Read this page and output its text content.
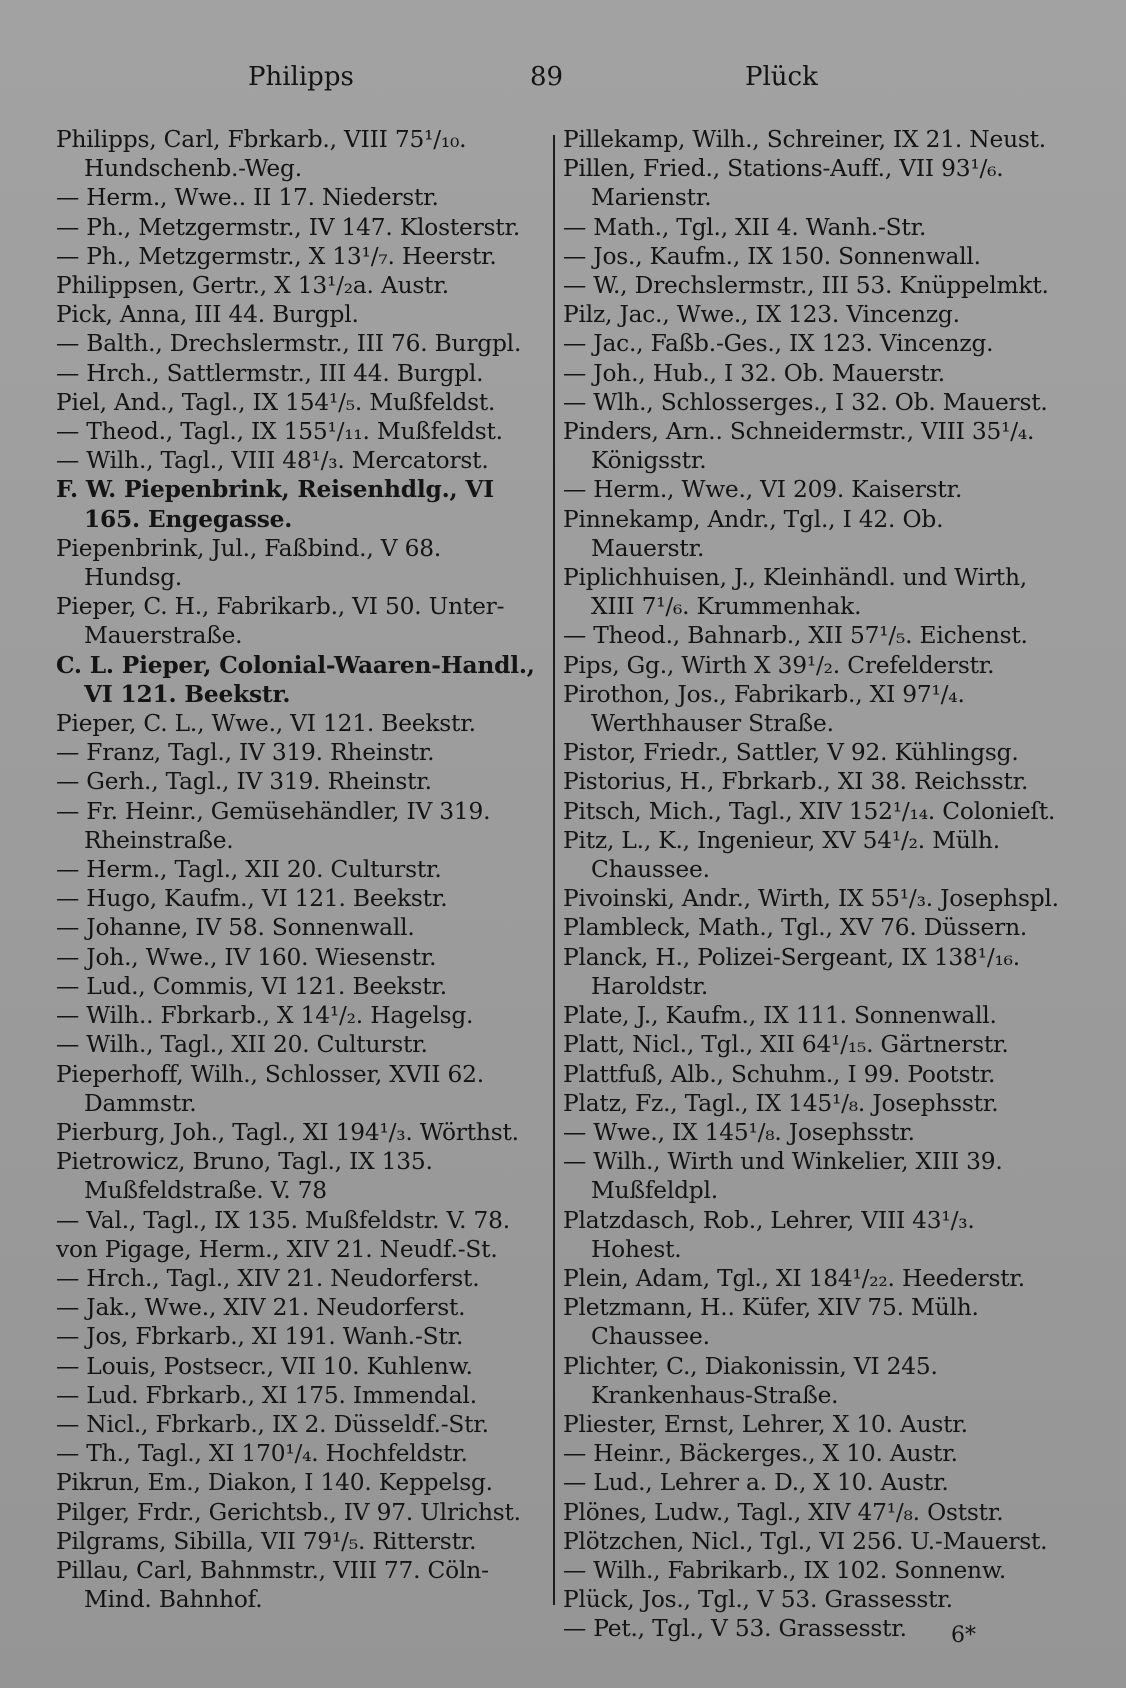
Philipps	89	Plück

Philipps, Carl, Fbrkarb., VIII 75¹/₁₀. Hundschenb.-Weg.

— Herm., Wwe.. II 17. Niederstr.

— Ph., Metzgermstr., IV 147. Klosterstr.

— Ph., Metzgermstr., X 13¹/₇. Heerstr.

Philippsen, Gertr., X 13¹/₂a. Austr.

Pick, Anna, III 44. Burgpl.

— Balth., Drechslermstr., III 76. Burgpl.

— Hrch., Sattlermstr., III 44. Burgpl.

Piel, And., Tagl., IX 154¹/₅. Mußfeldst.

— Theod., Tagl., IX 155¹/₁₁. Mußfeldst.

— Wilh., Tagl., VIII 48¹/₃. Mercatorst.

F. W. Piepenbrink, Reisenhdlg., VI 165. Engegasse.

Piepenbrink, Jul., Faßbind., V 68. Hundsg.

Pieper, C. H., Fabrikarb., VI 50. Unter-Mauerstraße.

C. L. Pieper, Colonial-Waaren-Handl., VI 121. Beekstr.

Pieper, C. L., Wwe., VI 121. Beekstr.

— Franz, Tagl., IV 319. Rheinstr.

— Gerh., Tagl., IV 319. Rheinstr.

— Fr. Heinr., Gemüsehändler, IV 319. Rheinstraße.

— Herm., Tagl., XII 20. Culturstr.

— Hugo, Kaufm., VI 121. Beekstr.

— Johanne, IV 58. Sonnenwall.

— Joh., Wwe., IV 160. Wiesenstr.

— Lud., Commis, VI 121. Beekstr.

— Wilh.. Fbrkarb., X 14¹/₂. Hagelsg.

— Wilh., Tagl., XII 20. Culturstr.

Pieperhoff, Wilh., Schlosser, XVII 62. Dammstr.

Pierburg, Joh., Tagl., XI 194¹/₃. Wörthst.

Pietrowicz, Bruno, Tagl., IX 135. Mußfeldstraße. V. 78

— Val., Tagl., IX 135. Mußfeldstr. V. 78.

von Pigage, Herm., XIV 21. Neudf.-St.

— Hrch., Tagl., XIV 21. Neudorferst.

— Jak., Wwe., XIV 21. Neudorferst.

— Jos, Fbrkarb., XI 191. Wanh.-Str.

— Louis, Postsecr., VII 10. Kuhlenw.

— Lud. Fbrkarb., XI 175. Immendal.

— Nicl., Fbrkarb., IX 2. Düsseldf.-Str.

— Th., Tagl., XI 170¹/₄. Hochfeldstr.

Pikrun, Em., Diakon, I 140. Keppelsg.

Pilger, Frdr., Gerichtsb., IV 97. Ulrichst.

Pilgrams, Sibilla, VII 79¹/₅. Ritterstr.

Pillau, Carl, Bahnmstr., VIII 77. Cöln-Mind. Bahnhof.

Pillekamp, Wilh., Schreiner, IX 21. Neust.

Pillen, Fried., Stations-Auff., VII 93¹/₆. Marienstr.

— Math., Tgl., XII 4. Wanh.-Str.

— Jos., Kaufm., IX 150. Sonnenwall.

— W., Drechslermstr., III 53. Knüppelmkt.

Pilz, Jac., Wwe., IX 123. Vincenzg.

— Jac., Faßb.-Ges., IX 123. Vincenzg.

— Joh., Hub., I 32. Ob. Mauerstr.

— Wlh., Schlosserges., I 32. Ob. Mauerst.

Pinders, Arn.. Schneidermstr., VIII 35¹/₄. Königsstr.

— Herm., Wwe., VI 209. Kaiserstr.

Pinnekamp, Andr., Tgl., I 42. Ob. Mauerstr.

Piplichhuisen, J., Kleinhändl. und Wirth, XIII 7¹/₆. Krummenhak.

— Theod., Bahnarb., XII 57¹/₅. Eichenst.

Pips, Gg., Wirth X 39¹/₂. Crefelderstr.

Pirothon, Jos., Fabrikarb., XI 97¹/₄. Werthhauser Straße.

Pistor, Friedr., Sattler, V 92. Kühlingsg.

Pistorius, H., Fbrkarb., XI 38. Reichsstr.

Pitsch, Mich., Tagl., XIV 152¹/₁₄. Colonieſt.

Pitz, L., K., Ingenieur, XV 54¹/₂. Mülh. Chaussee.

Pivoinski, Andr., Wirth, IX 55¹/₃. Josephspl.

Plambleck, Math., Tgl., XV 76. Düssern.

Planck, H., Polizei-Sergeant, IX 138¹/₁₆. Haroldstr.

Plate, J., Kaufm., IX 111. Sonnenwall.

Platt, Nicl., Tgl., XII 64¹/₁₅. Gärtnerstr.

Plattfuß, Alb., Schuhm., I 99. Pootstr.

Platz, Fz., Tagl., IX 145¹/₈. Josephsstr.

— Wwe., IX 145¹/₈. Josephsstr.

— Wilh., Wirth und Winkelier, XIII 39. Mußfeldpl.

Platzdasch, Rob., Lehrer, VIII 43¹/₃. Hohest.

Plein, Adam, Tgl., XI 184¹/₂₂. Heederstr.

Pletzmann, H.. Küfer, XIV 75. Mülh. Chaussee.

Plichter, C., Diakonissin, VI 245. Krankenhaus-Straße.

Pliester, Ernst, Lehrer, X 10. Austr.

— Heinr., Bäckerges., X 10. Austr.

— Lud., Lehrer a. D., X 10. Austr.

Plönes, Ludw., Tagl., XIV 47¹/₈. Oststr.

Plötzchen, Nicl., Tgl., VI 256. U.-Mauerst.

— Wilh., Fabrikarb., IX 102. Sonnenw.

Plück, Jos., Tgl., V 53. Grassesstr.

— Pet., Tgl., V 53. Grassesstr.	6*
